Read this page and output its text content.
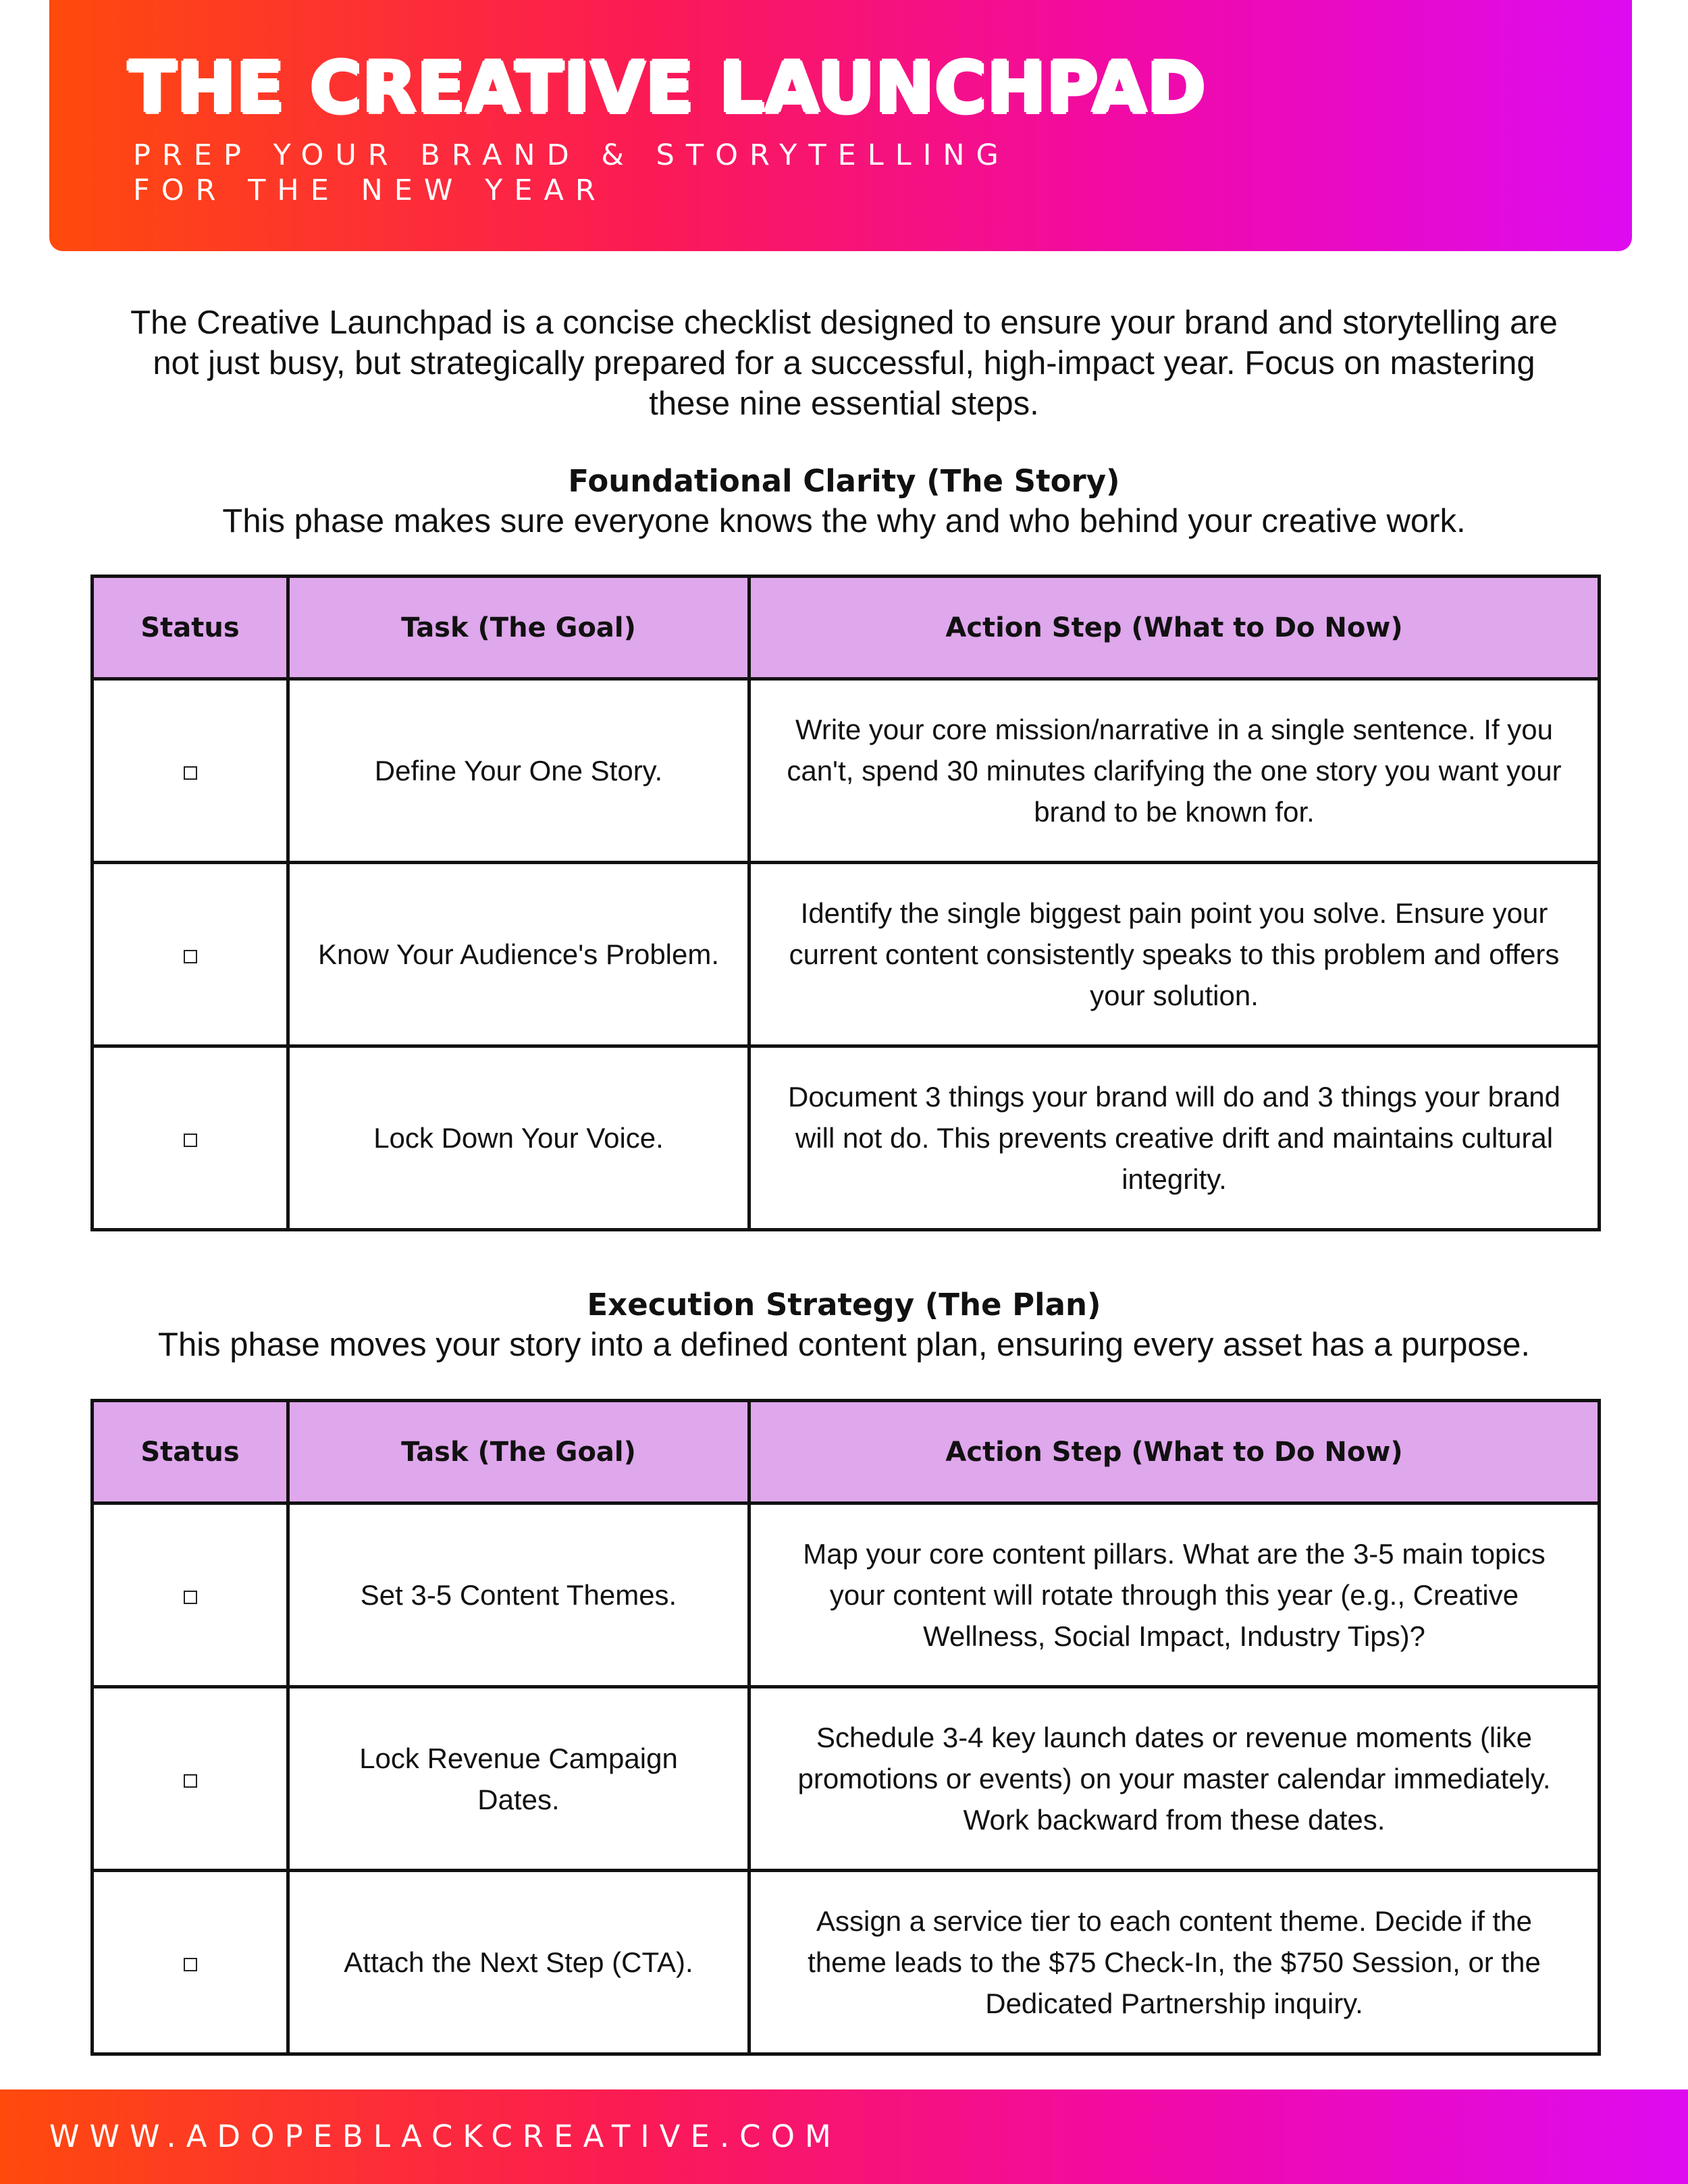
THE CREATIVE LAUNCHPAD
PREP YOUR BRAND & STORYTELLING
FOR THE NEW YEAR
The Creative Launchpad is a concise checklist designed to ensure your brand and storytelling are not just busy, but strategically prepared for a successful, high-impact year. Focus on mastering these nine essential steps.
Foundational Clarity (The Story)
This phase makes sure everyone knows the why and who behind your creative work.
Status	Task (The Goal)	Action Step (What to Do Now)
	Define Your One Story.	Write your core mission/narrative in a single sentence. If you can't, spend 30 minutes clarifying the one story you want your brand to be known for.
	Know Your Audience's Problem.	Identify the single biggest pain point you solve. Ensure your current content consistently speaks to this problem and offers your solution.
	Lock Down Your Voice.	Document 3 things your brand will do and 3 things your brand will not do. This prevents creative drift and maintains cultural integrity.
Execution Strategy (The Plan)
This phase moves your story into a defined content plan, ensuring every asset has a purpose.
Status	Task (The Goal)	Action Step (What to Do Now)
	Set 3-5 Content Themes.	Map your core content pillars. What are the 3-5 main topics your content will rotate through this year (e.g., Creative Wellness, Social Impact, Industry Tips)?
	Lock Revenue Campaign Dates.	Schedule 3-4 key launch dates or revenue moments (like promotions or events) on your master calendar immediately. Work backward from these dates.
	Attach the Next Step (CTA).	Assign a service tier to each content theme. Decide if the theme leads to the $75 Check-In, the $750 Session, or the Dedicated Partnership inquiry.
WWW.ADOPEBLACKCREATIVE.COM
